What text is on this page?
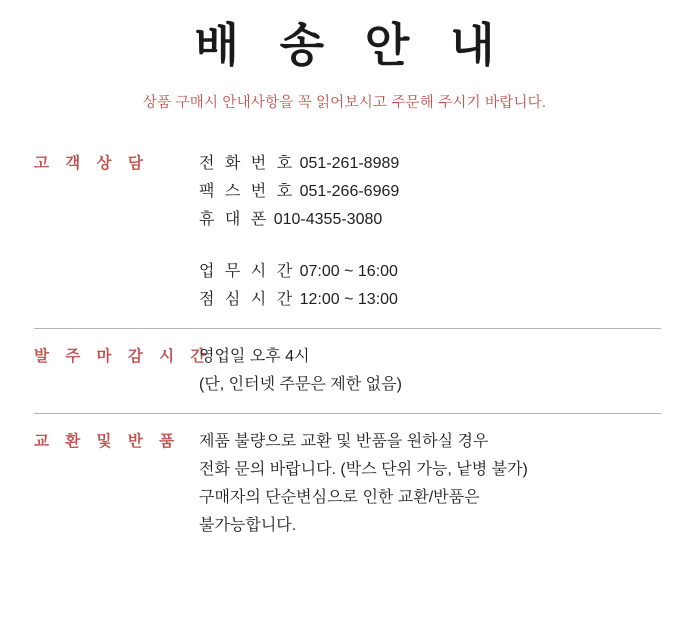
배 송 안 내
상품 구매시 안내사항을 꼭 읽어보시고 주문해 주시기 바랍니다.
고 객 상 담	전 화 번 호 051-261-8989
팩 스 번 호 051-266-6969
휴 대 폰 010-4355-3080
업 무 시 간 07:00 ~ 16:00
점 심 시 간 12:00 ~ 13:00
발 주 마 감 시 간
영업일 오후 4시
(단, 인터넷 주문은 제한 없음)
교 환 및 반 품	제품 불량으로 교환 및 반품을 원하실 경우
전화 문의 바랍니다. (박스 단위 가능, 낱병 불가)
구매자의 단순변심으로 인한 교환/반품은
불가능합니다.
